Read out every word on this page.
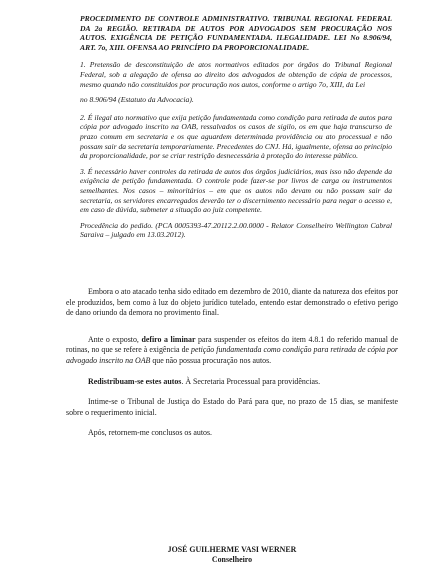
PROCEDIMENTO DE CONTROLE ADMINISTRATIVO. TRIBUNAL REGIONAL FEDERAL DA 2a REGIÃO. RETIRADA DE AUTOS POR ADVOGADOS SEM PROCURAÇÃO NOS AUTOS. EXIGÊNCIA DE PETIÇÃO FUNDAMENTADA. ILEGALIDADE. LEI No 8.906/94, ART. 7o, XIII. OFENSA AO PRINCÍPIO DA PROPORCIONALIDADE.

1. Pretensão de desconstituição de atos normativos editados por órgãos do Tribunal Regional Federal, sob a alegação de ofensa ao direito dos advogados de obtenção de cópia de processos, mesmo quando não constituídos por procuração nos autos, conforme o artigo 7o, XIII, da Lei

no 8.906/94 (Estatuto da Advocacia).

2. É ilegal ato normativo que exija petição fundamentada como condição para retirada de autos para cópia por advogado inscrito na OAB, ressalvados os casos de sigilo, os em que haja transcurso de prazo comum em secretaria e os que aguardem determinada providência ou ato processual e não possam sair da secretaria temporariamente. Precedentes do CNJ. Há, igualmente, ofensa ao princípio da proporcionalidade, por se criar restrição desnecessária à proteção do interesse público.

3. É necessário haver controles da retirada de autos dos órgãos judiciários, mas isso não depende da exigência de petição fundamentada. O controle pode fazer-se por livros de carga ou instrumentos semelhantes. Nos casos – minoritários – em que os autos não devam ou não possam sair da secretaria, os servidores encarregados deverão ter o discernimento necessário para negar o acesso e, em caso de dúvida, submeter a situação ao juiz competente.

Procedência do pedido. (PCA 0005393-47.20112.2.00.0000 - Relator Conselheiro Wellington Cabral Saraiva – julgado em 13.03.2012).

Embora o ato atacado tenha sido editado em dezembro de 2010, diante da natureza dos efeitos por ele produzidos, bem como à luz do objeto jurídico tutelado, entendo estar demonstrado o efetivo perigo de dano oriundo da demora no provimento final.

Ante o exposto, defiro a liminar para suspender os efeitos do item 4.8.1 do referido manual de rotinas, no que se refere à exigência de petição fundamentada como condição para retirada de cópia por advogado inscrito na OAB que não possua procuração nos autos.

Redistribuam-se estes autos. À Secretaria Processual para providências.

Intime-se o Tribunal de Justiça do Estado do Pará para que, no prazo de 15 dias, se manifeste sobre o requerimento inicial.

Após, retornem-me conclusos os autos.

JOSÉ GUILHERME VASI WERNER
Conselheiro
